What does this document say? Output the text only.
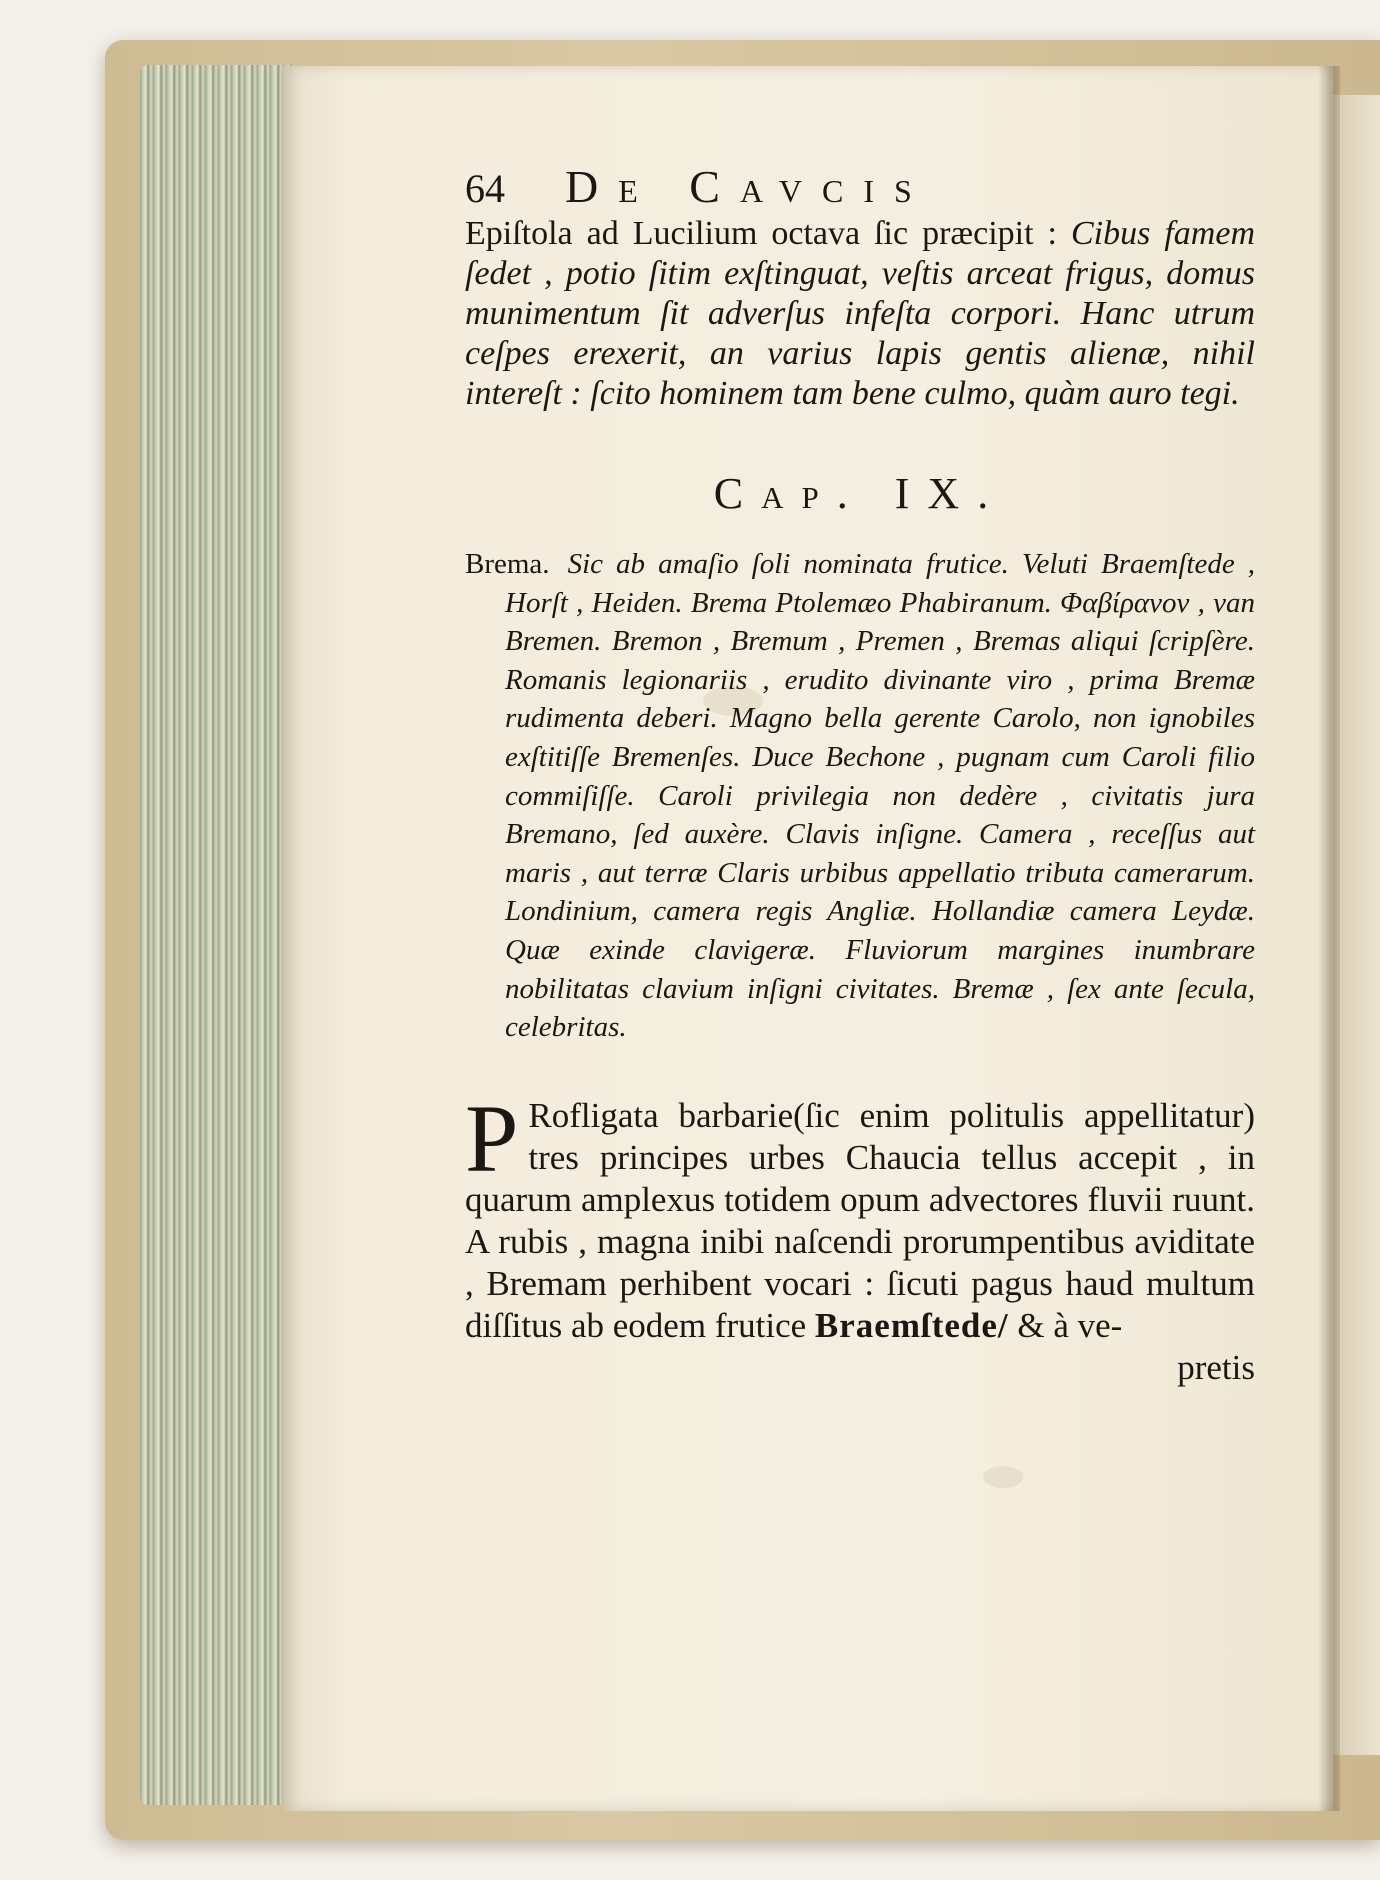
64	De Cavcis
Epiſtola ad Lucilium octava ſic præcipit : Cibus famem ſedet , potio ſitim exſtinguat, veſtis arceat frigus, domus munimentum ſit adverſus infeſta corpori. Hanc utrum ceſpes erexerit, an varius lapis gentis alienæ, nihil intereſt : ſcito hominem tam bene culmo, quàm auro tegi.
Cap. IX.

Brema. Sic ab amaſio ſoli nominata frutice. Veluti Braemſtede , Horſt , Heiden. Brema Ptolemæo Phabiranum. Φαβίρανον , van Bremen. Bremon , Bremum , Premen , Bremas aliqui ſcripſère. Romanis legionariis , erudito divinante viro , prima Bremæ rudimenta deberi. Magno bella gerente Carolo, non ignobiles exſtitiſſe Bremenſes. Duce Bechone , pugnam cum Caroli filio commiſiſſe. Caroli privilegia non dedère , civitatis jura Bremano, ſed auxère. Clavis inſigne. Camera , receſſus aut maris , aut terræ Claris urbibus appellatio tributa camerarum. Londinium, camera regis Angliæ. Hollandiæ camera Leydæ. Quæ exinde clavigeræ. Fluviorum margines inumbrare nobilitatas clavium inſigni civitates. Bremæ , ſex ante ſecula, celebritas.

P Rofligata barbarie(ſic enim politulis appellitatur) tres principes urbes Chaucia tellus accepit , in quarum amplexus totidem opum advectores fluvii ruunt. A rubis , magna inibi naſcendi prorumpentibus aviditate , Bremam perhibent vocari : ſicuti pagus haud multum diſſitus ab eodem frutice Braemſtede/ & à ve-
pretis
